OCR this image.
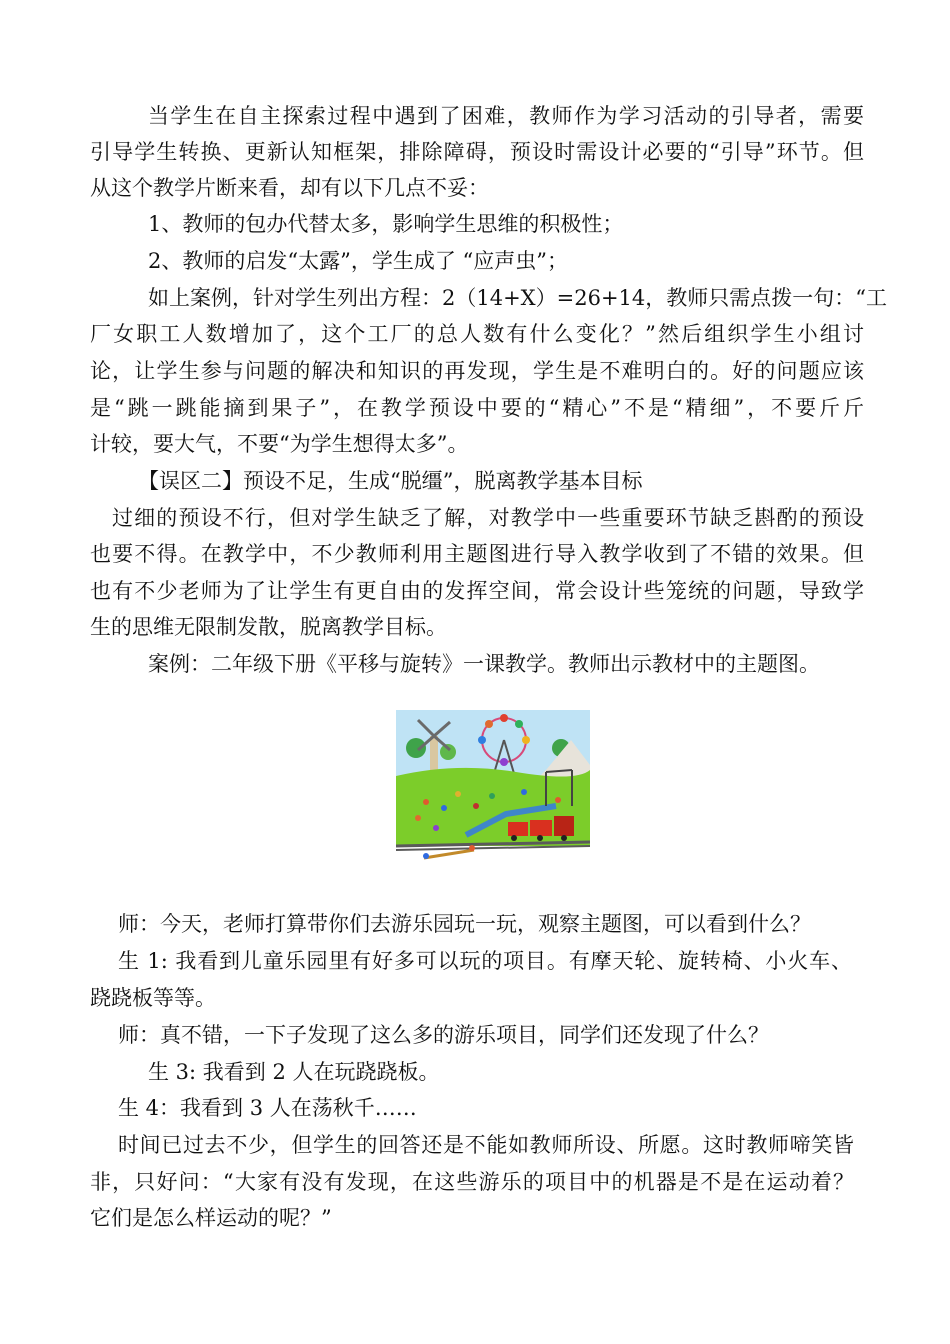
当学生在自主探索过程中遇到了困难，教师作为学习活动的引导者，需要
引导学生转换、更新认知框架，排除障碍，预设时需设计必要的“引导”环节。但
从这个教学片断来看，却有以下几点不妥：
1、教师的包办代替太多，影响学生思维的积极性；
2、教师的启发“太露”，学生成了 “应声虫”；
如上案例，针对学生列出方程：2（14+X）=26+14，教师只需点拨一句：“工
厂女职工人数增加了，这个工厂的总人数有什么变化？”然后组织学生小组讨
论，让学生参与问题的解决和知识的再发现，学生是不难明白的。好的问题应该
是“跳一跳能摘到果子”，在教学预设中要的“精心”不是“精细”，不要斤斤
计较，要大气，不要“为学生想得太多”。
【误区二】预设不足，生成“脱缰”，脱离教学基本目标
过细的预设不行，但对学生缺乏了解，对教学中一些重要环节缺乏斟酌的预设
也要不得。在教学中，不少教师利用主题图进行导入教学收到了不错的效果。但
也有不少老师为了让学生有更自由的发挥空间，常会设计些笼统的问题，导致学
生的思维无限制发散，脱离教学目标。
案例：二年级下册《平移与旋转》一课教学。教师出示教材中的主题图。
师：今天，老师打算带你们去游乐园玩一玩，观察主题图，可以看到什么？
生 1: 我看到儿童乐园里有好多可以玩的项目。有摩天轮、旋转椅、小火车、
跷跷板等等。
师：真不错，一下子发现了这么多的游乐项目，同学们还发现了什么？
生 3: 我看到 2 人在玩跷跷板。
生 4：我看到 3 人在荡秋千……
时间已过去不少，但学生的回答还是不能如教师所设、所愿。这时教师啼笑皆
非，只好问：“大家有没有发现，在这些游乐的项目中的机器是不是在运动着？
它们是怎么样运动的呢？”
